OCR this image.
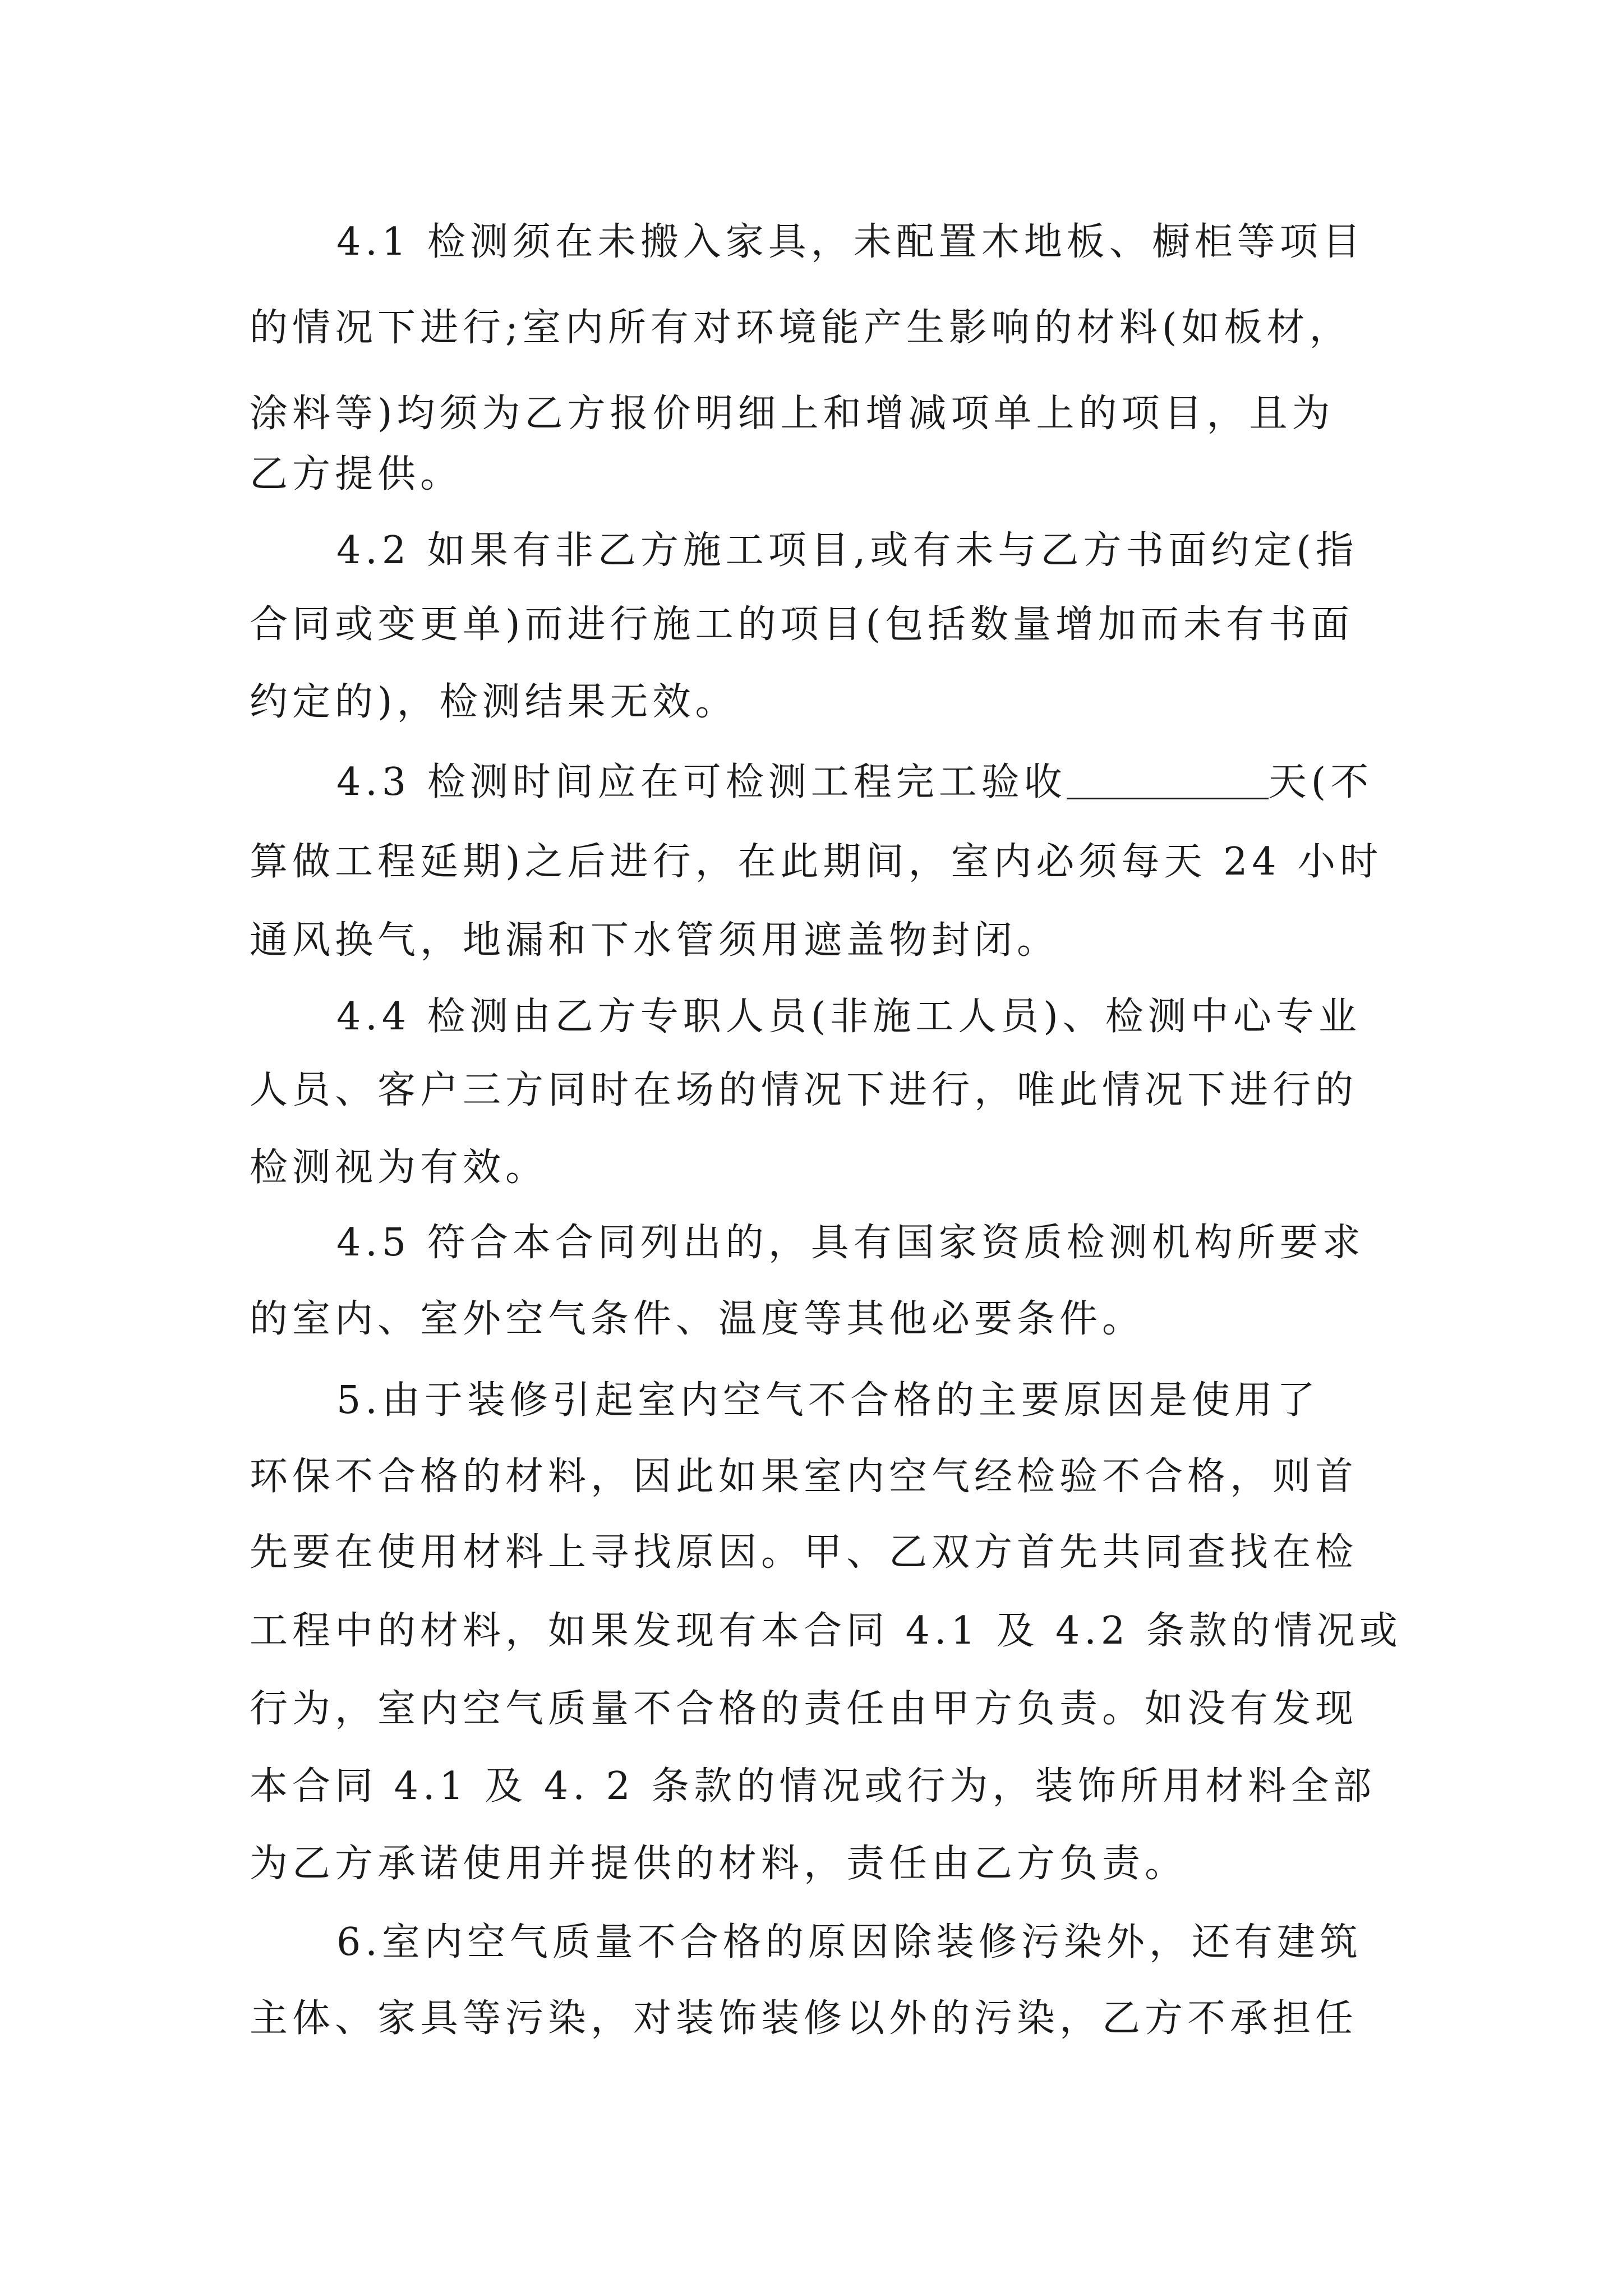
4.1 检测须在未搬入家具，未配置木地板、橱柜等项目
的情况下进行;室内所有对环境能产生影响的材料(如板材，
涂料等)均须为乙方报价明细上和增减项单上的项目，且为
乙方提供。
4.2 如果有非乙方施工项目,或有未与乙方书面约定(指
合同或变更单)而进行施工的项目(包括数量增加而未有书面
约定的)，检测结果无效。
4.3 检测时间应在可检测工程完工验收	天(不
算做工程延期)之后进行，在此期间，室内必须每天 24 小时
通风换气，地漏和下水管须用遮盖物封闭。
4.4 检测由乙方专职人员(非施工人员)、检测中心专业
人员、客户三方同时在场的情况下进行，唯此情况下进行的
检测视为有效。
4.5 符合本合同列出的，具有国家资质检测机构所要求
的室内、室外空气条件、温度等其他必要条件。
5.由于装修引起室内空气不合格的主要原因是使用了
环保不合格的材料，因此如果室内空气经检验不合格，则首
先要在使用材料上寻找原因。甲、乙双方首先共同查找在检
工程中的材料，如果发现有本合同 4.1 及 4.2 条款的情况或
行为，室内空气质量不合格的责任由甲方负责。如没有发现
本合同 4.1 及 4. 2 条款的情况或行为，装饰所用材料全部
为乙方承诺使用并提供的材料，责任由乙方负责。
6.室内空气质量不合格的原因除装修污染外，还有建筑
主体、家具等污染，对装饰装修以外的污染，乙方不承担任
